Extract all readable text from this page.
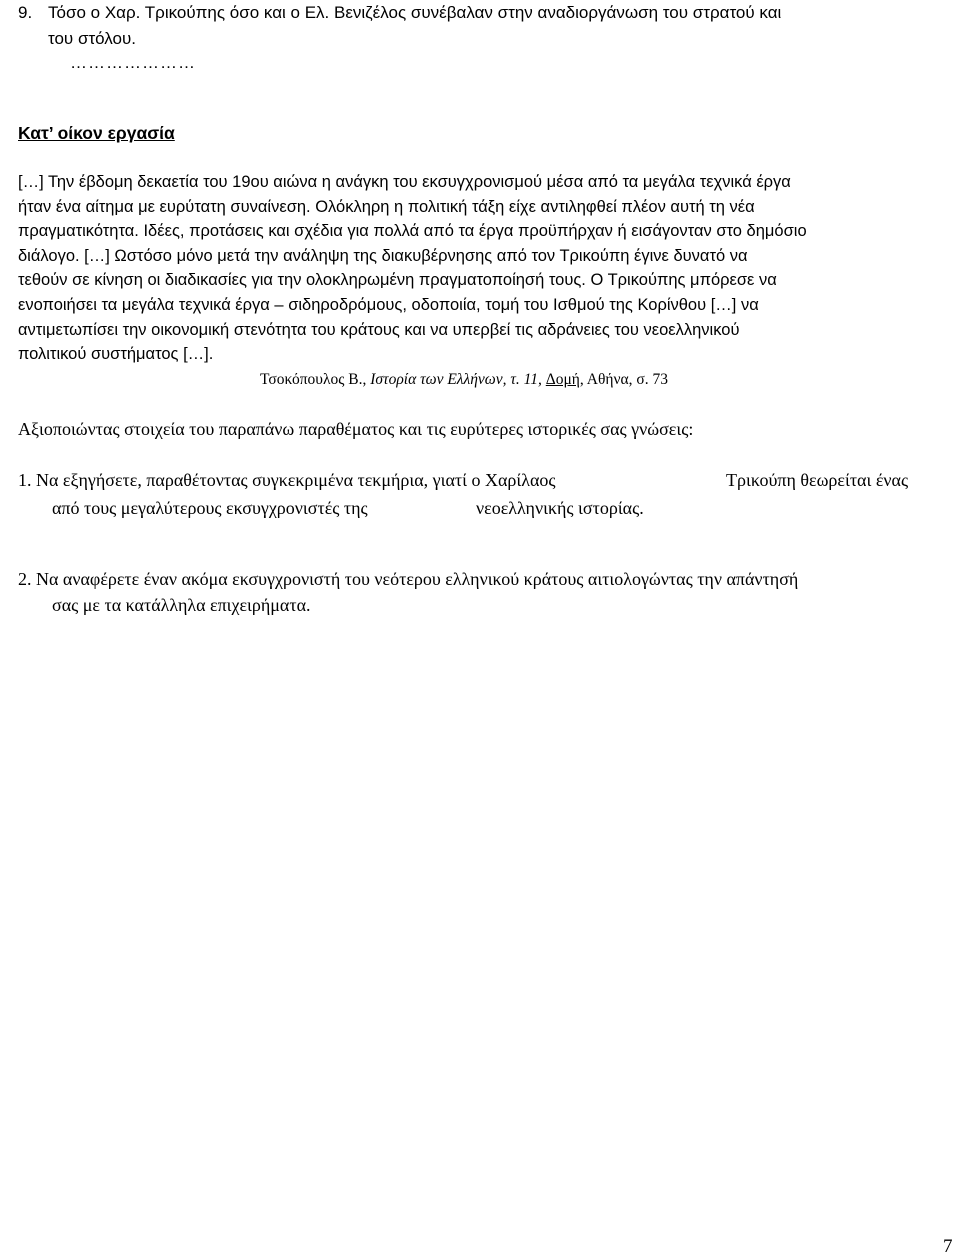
9. Τόσο ο Χαρ. Τρικούπης όσο και ο Ελ. Βενιζέλος συνέβαλαν στην αναδιοργάνωση του στρατού και
του στόλου.
…………………
Κατ’ οίκον εργασία
[…] Την έβδομη δεκαετία του 19ου αιώνα η ανάγκη του εκσυγχρονισμού μέσα από τα μεγάλα τεχνικά έργα
ήταν ένα αίτημα με ευρύτατη συναίνεση. Ολόκληρη η πολιτική τάξη είχε αντιληφθεί πλέον αυτή τη νέα
πραγματικότητα. Ιδέες, προτάσεις και σχέδια για πολλά από τα έργα προϋπήρχαν ή εισάγονταν στο δημόσιο
διάλογο. […] Ωστόσο μόνο μετά την ανάληψη της διακυβέρνησης από τον Τρικούπη έγινε δυνατό να
τεθούν σε κίνηση οι διαδικασίες για την ολοκληρωμένη πραγματοποίησή τους. Ο Τρικούπης μπόρεσε να
ενοποιήσει τα μεγάλα τεχνικά έργα – σιδηροδρόμους, οδοποιία, τομή του Ισθμού της Κορίνθου […] να
αντιμετωπίσει την οικονομική στενότητα του κράτους και να υπερβεί τις αδράνειες του νεοελληνικού
πολιτικού συστήματος […].
Τσοκόπουλος Β., Ιστορία των Ελλήνων, τ. 11, Δομή, Αθήνα, σ. 73
Αξιοποιώντας στοιχεία του παραπάνω παραθέματος και τις ευρύτερες ιστορικές σας γνώσεις:
1. Να εξηγήσετε, παραθέτοντας συγκεκριμένα τεκμήρια, γιατί ο Χαρίλαος	Τρικούπη θεωρείται ένας
από τους μεγαλύτερους εκσυγχρονιστές της	νεοελληνικής ιστορίας.
2. Να αναφέρετε έναν ακόμα εκσυγχρονιστή του νεότερου ελληνικού κράτους αιτιολογώντας την απάντησή
σας με τα κατάλληλα επιχειρήματα.
7
